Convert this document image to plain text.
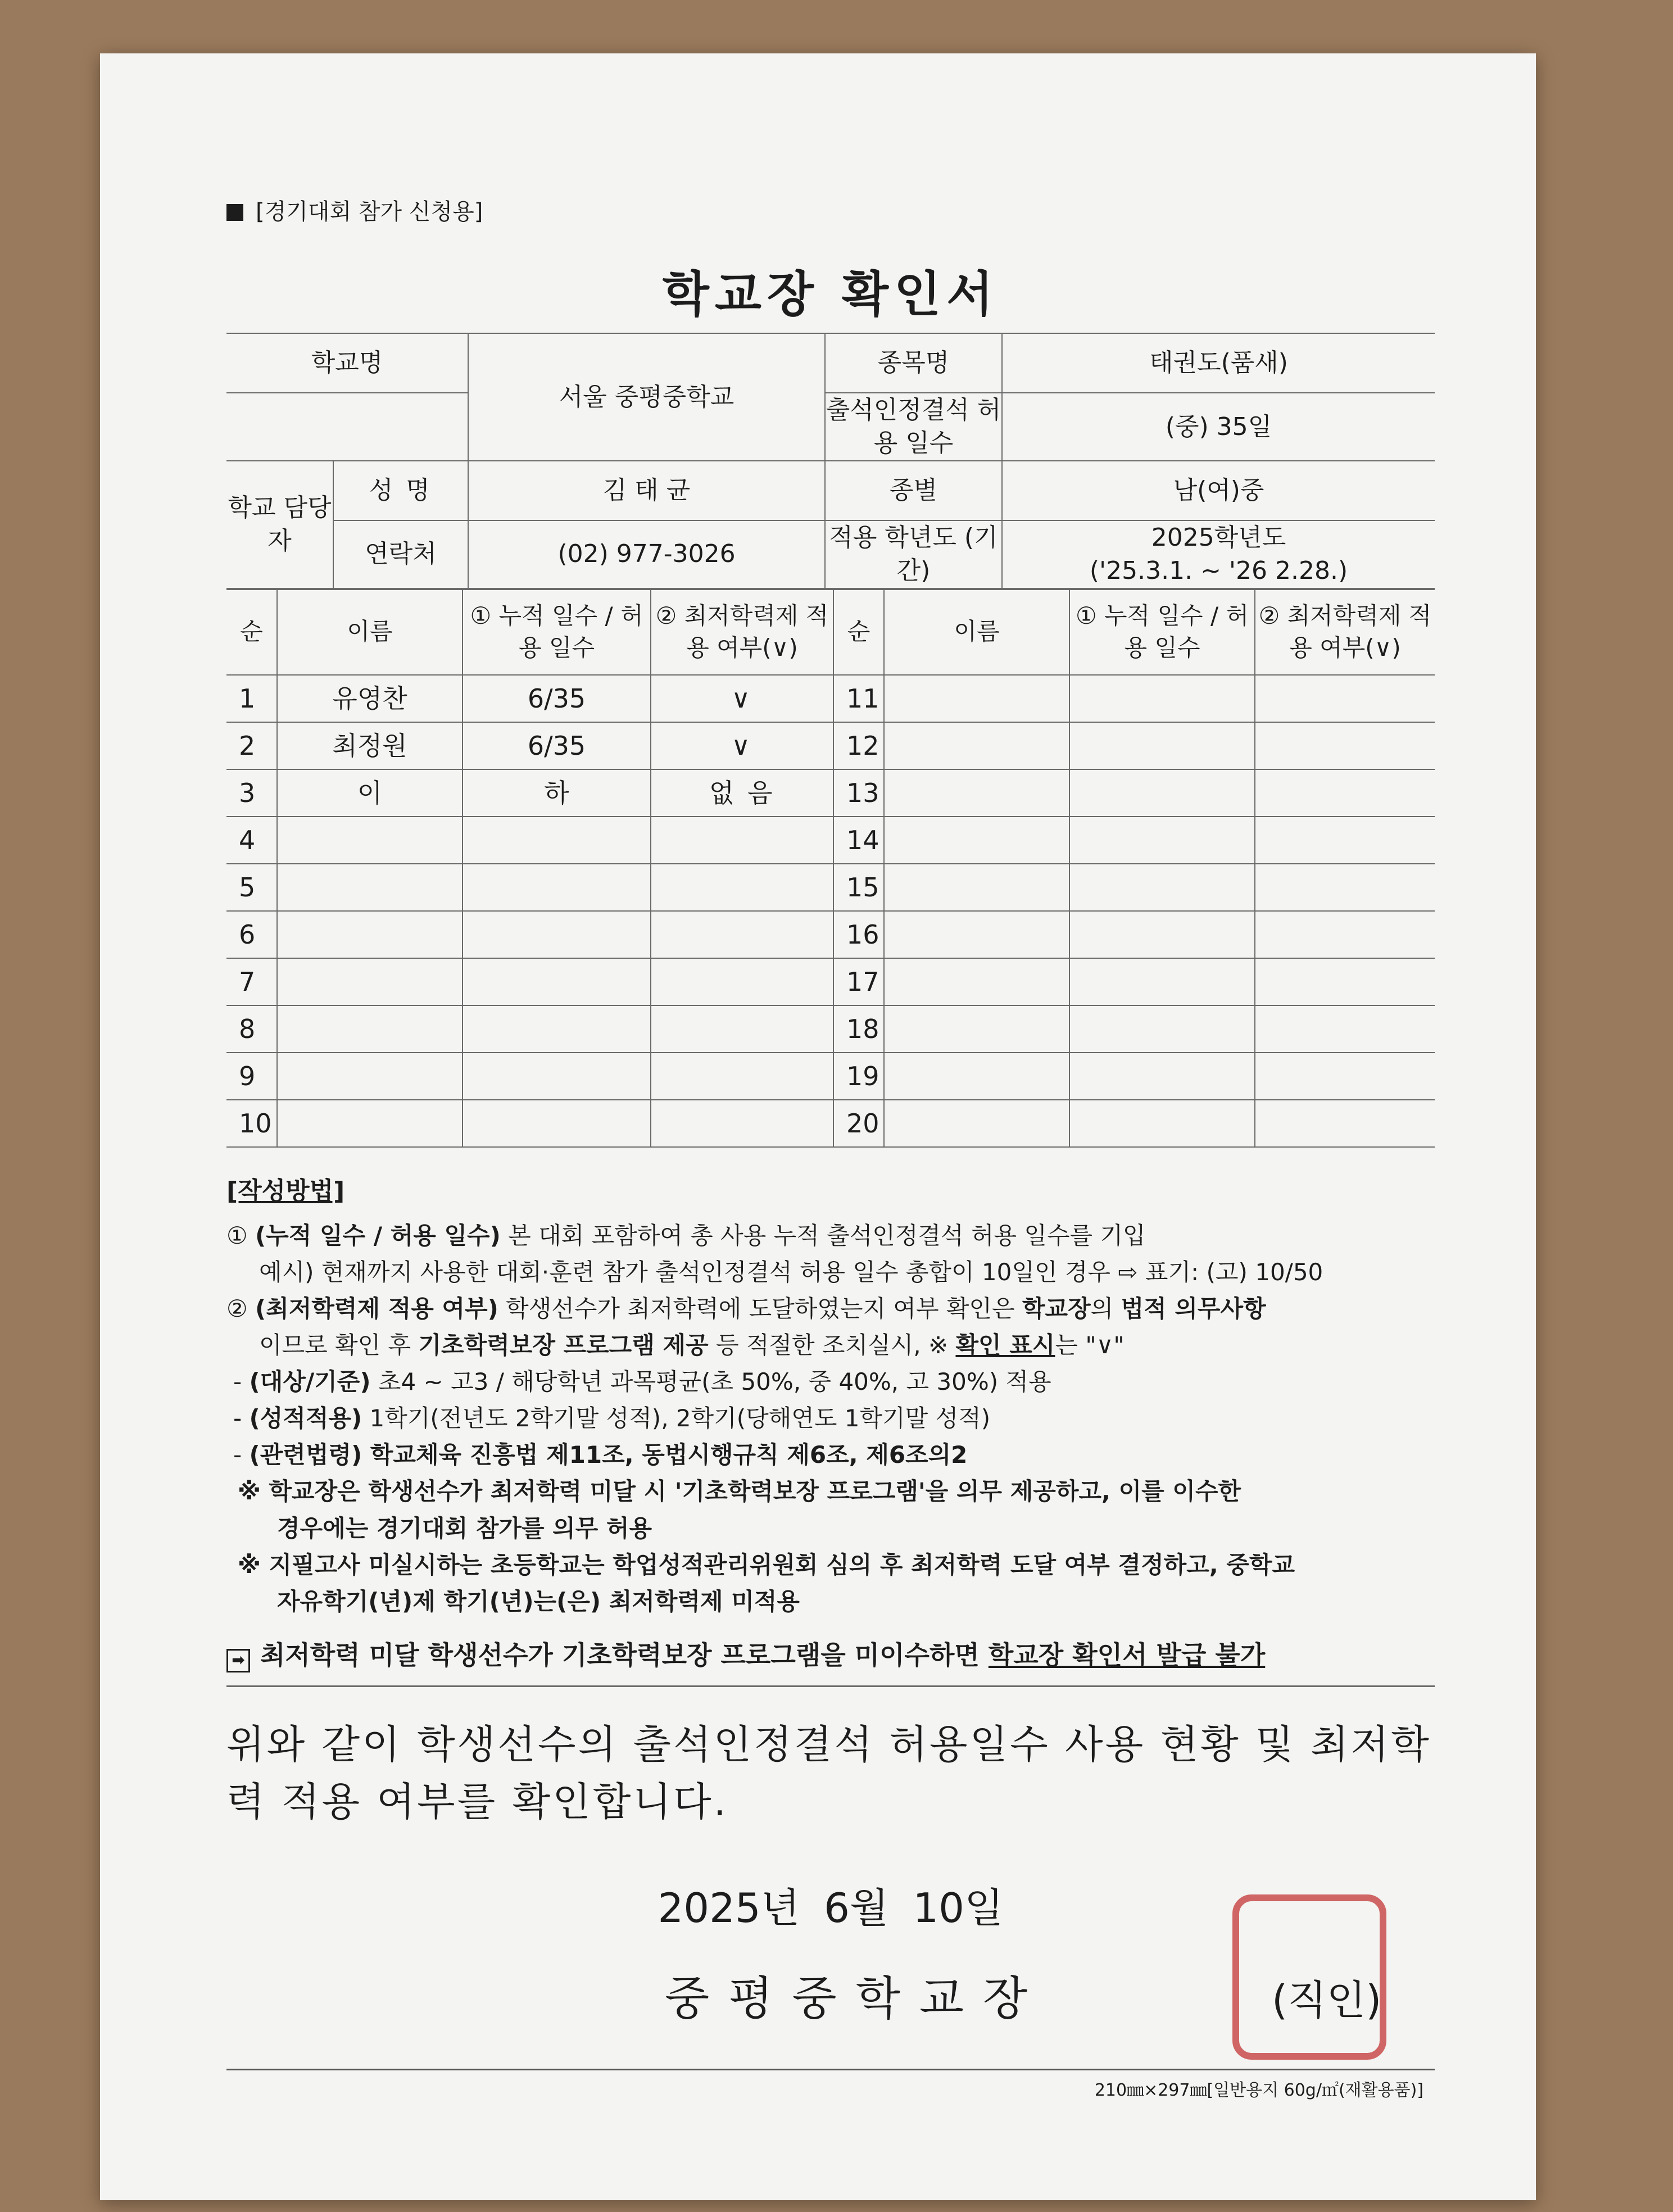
[경기대회 참가 신청용]
학교장 확인서
학교명		서울 중평중학교	종목명	태권도(품새)
			출석인정결석 허용 일수	(중) 35일
학교 담당자	성 명	김 태 균	종별	남(여)중
	연락처	(02) 977-3026	적용 학년도 (기간)	2025학년도
('25.3.1. ~ '26 2.28.)
순	이름	① 누적 일수 / 허용 일수	② 최저학력제 적용 여부(∨)	순	이름	① 누적 일수 / 허용 일수	② 최저학력제 적용 여부(∨)
1	유영찬	6/35	∨	11			
2	최정원	6/35	∨	12			
3	이	하	없 음	13			
4				14			
5				15			
6				16			
7				17			
8				18			
9				19			
10				20			
[작성방법]

① (누적 일수 / 허용 일수) 본 대회 포함하여 총 사용 누적 출석인정결석 허용 일수를 기입

예시) 현재까지 사용한 대회·훈련 참가 출석인정결석 허용 일수 총합이 10일인 경우 ⇨ 표기: (고) 10/50

② (최저학력제 적용 여부) 학생선수가 최저학력에 도달하였는지 여부 확인은 학교장의 법적 의무사항

이므로 확인 후 기초학력보장 프로그램 제공 등 적절한 조치실시, ※ 확인 표시는 "∨"

- (대상/기준) 초4 ~ 고3 / 해당학년 과목평균(초 50%, 중 40%, 고 30%) 적용

- (성적적용) 1학기(전년도 2학기말 성적), 2학기(당해연도 1학기말 성적)

- (관련법령) 학교체육 진흥법 제11조, 동법시행규칙 제6조, 제6조의2

※ 학교장은 학생선수가 최저학력 미달 시 '기초학력보장 프로그램'을 의무 제공하고, 이를 이수한

경우에는 경기대회 참가를 의무 허용

※ 지필고사 미실시하는 초등학교는 학업성적관리위원회 심의 후 최저학력 도달 여부 결정하고, 중학교

자유학기(년)제 학기(년)는(은) 최저학력제 미적용

➡ 최저학력 미달 학생선수가 기초학력보장 프로그램을 미이수하면 학교장 확인서 발급 불가
위와 같이 학생선수의 출석인정결석 허용일수 사용 현황 및 최저학력 적용 여부를 확인합니다.
2025년 6월 10일
중평중학교장	(직인)
210㎜×297㎜[일반용지 60g/㎡(재활용품)]
